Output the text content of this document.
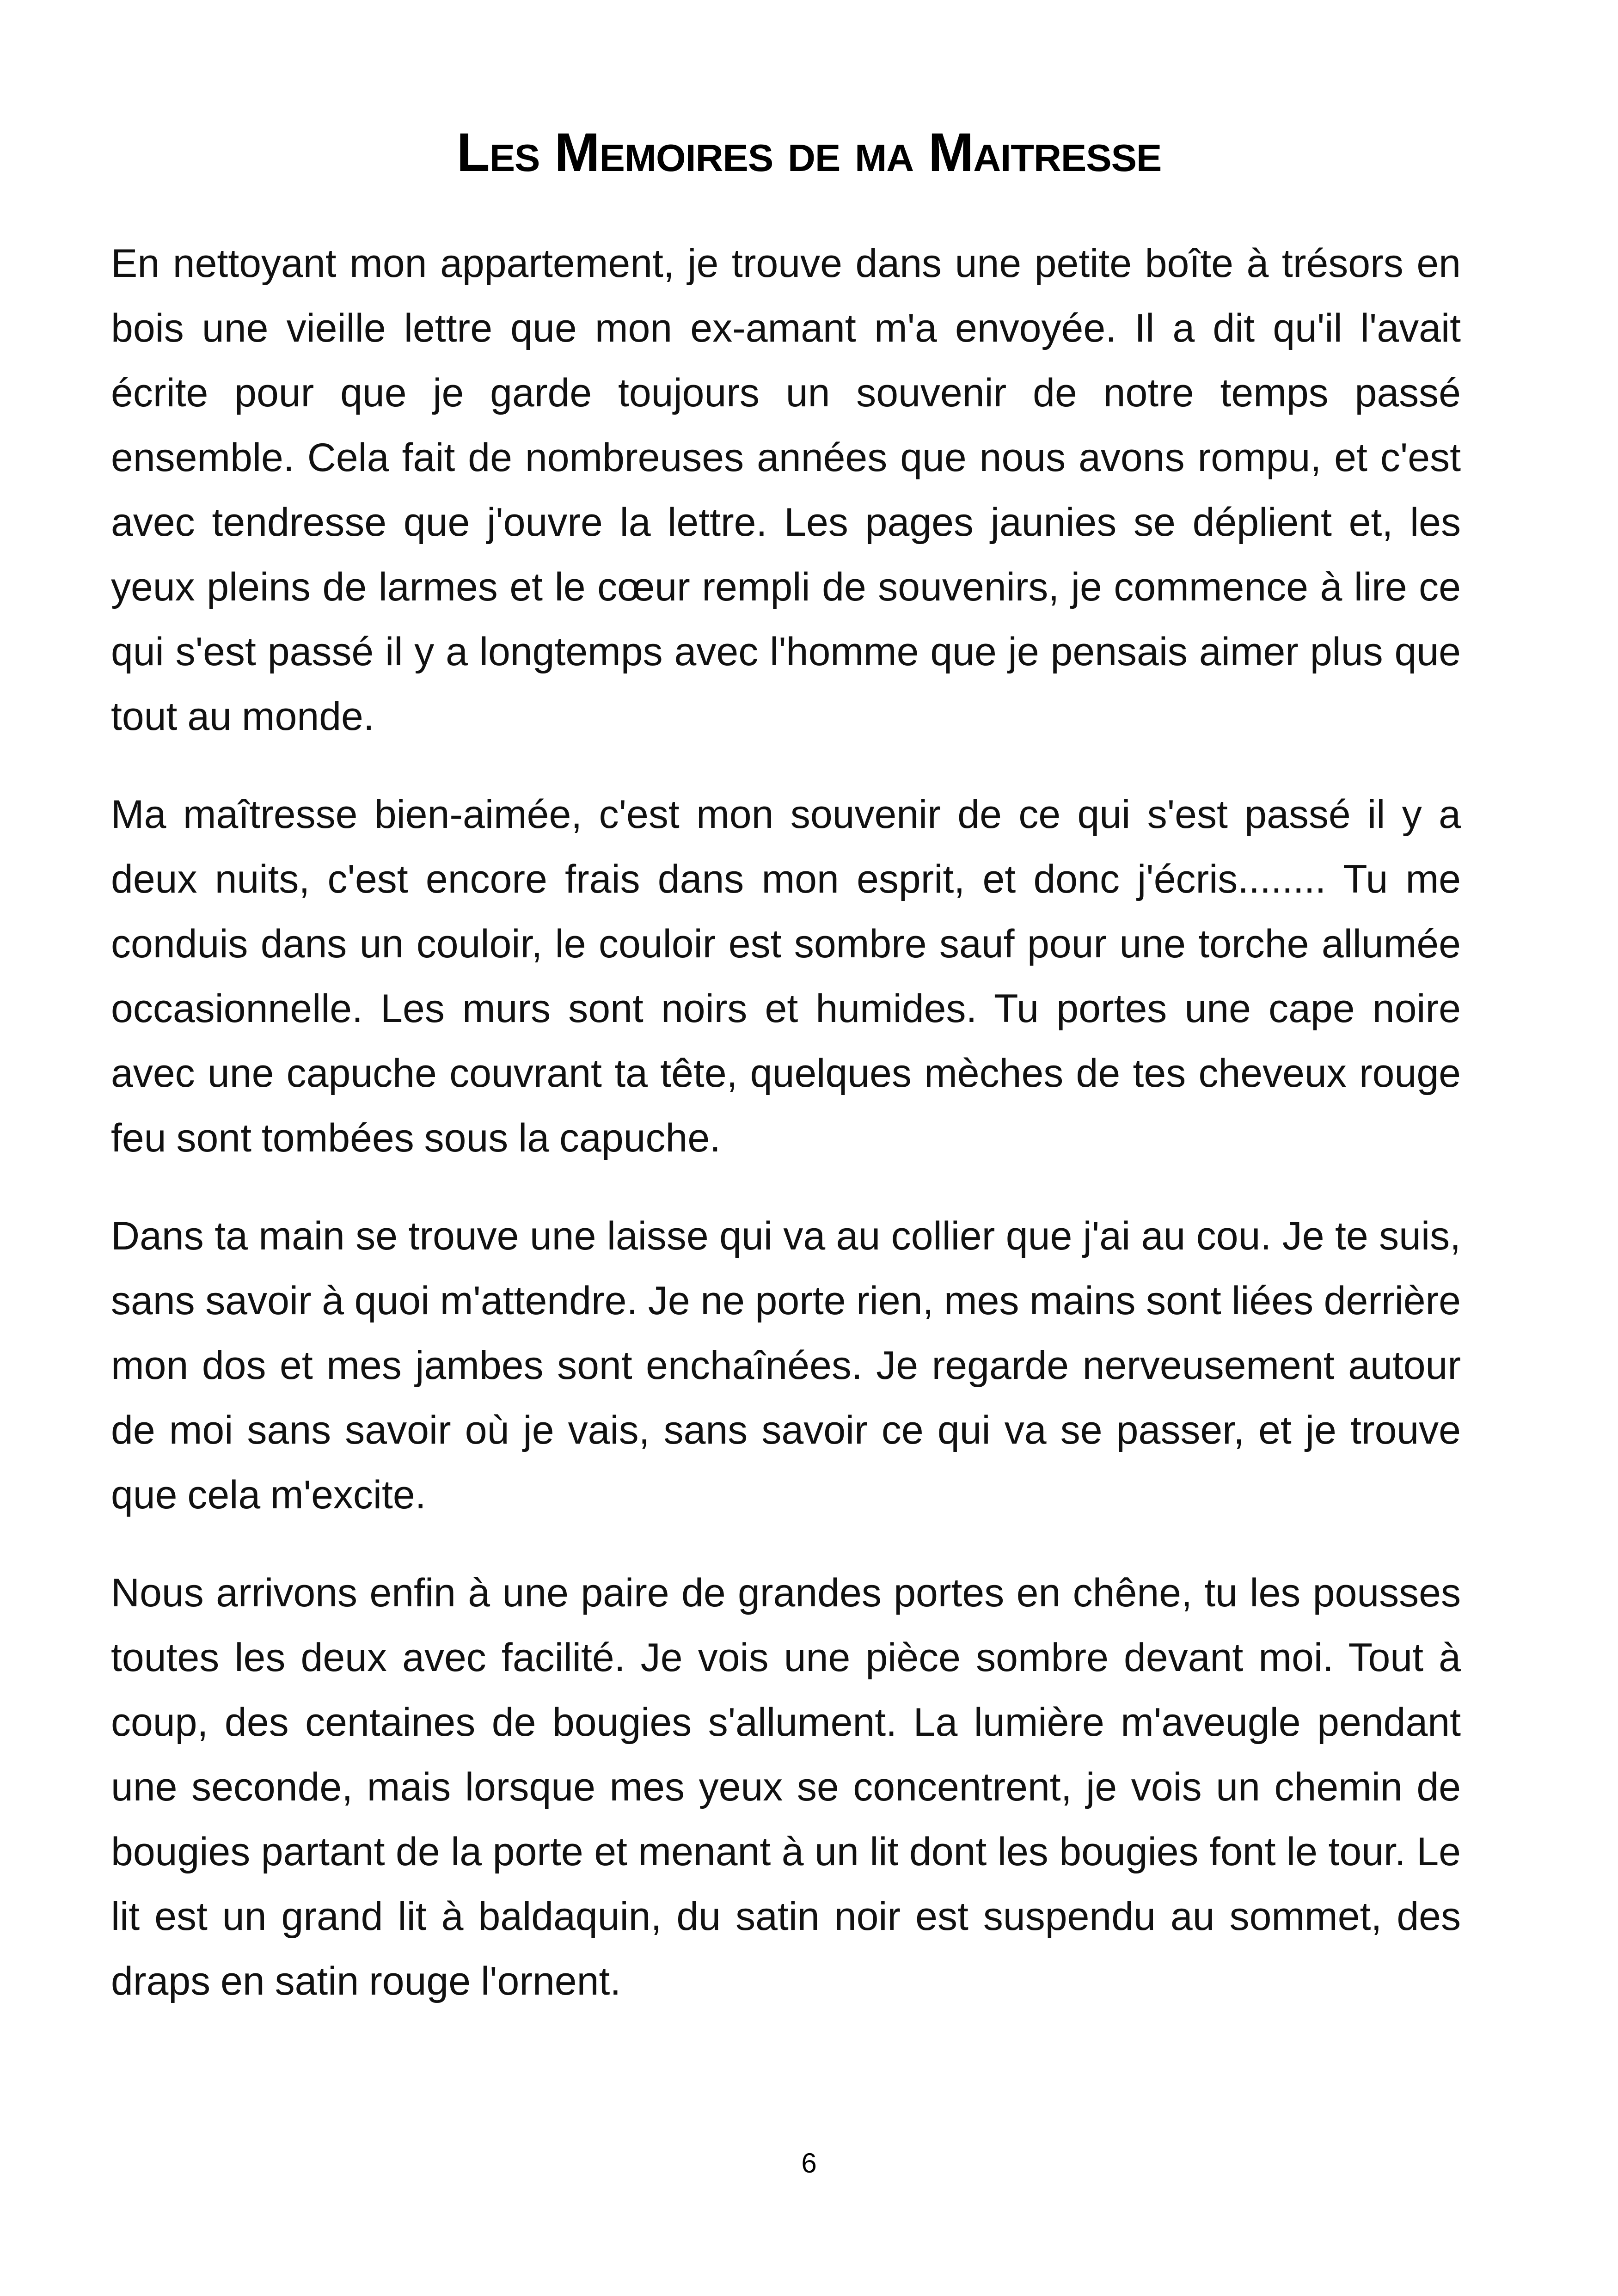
Les Memoires de ma Maitresse

En nettoyant mon appartement, je trouve dans une petite boîte à trésors en bois une vieille lettre que mon ex-amant m'a envoyée. Il a dit qu'il l'avait écrite pour que je garde toujours un souvenir de notre temps passé ensemble. Cela fait de nombreuses années que nous avons rompu, et c'est avec tendresse que j'ouvre la lettre. Les pages jaunies se déplient et, les yeux pleins de larmes et le cœur rempli de souvenirs, je commence à lire ce qui s'est passé il y a longtemps avec l'homme que je pensais aimer plus que tout au monde.

Ma maîtresse bien-aimée, c'est mon souvenir de ce qui s'est passé il y a deux nuits, c'est encore frais dans mon esprit, et donc j'écris........ Tu me conduis dans un couloir, le couloir est sombre sauf pour une torche allumée occasionnelle. Les murs sont noirs et humides. Tu portes une cape noire avec une capuche couvrant ta tête, quelques mèches de tes cheveux rouge feu sont tombées sous la capuche.

Dans ta main se trouve une laisse qui va au collier que j'ai au cou. Je te suis, sans savoir à quoi m'attendre. Je ne porte rien, mes mains sont liées derrière mon dos et mes jambes sont enchaînées. Je regarde nerveusement autour de moi sans savoir où je vais, sans savoir ce qui va se passer, et je trouve que cela m'excite.

Nous arrivons enfin à une paire de grandes portes en chêne, tu les pousses toutes les deux avec facilité. Je vois une pièce sombre devant moi. Tout à coup, des centaines de bougies s'allument. La lumière m'aveugle pendant une seconde, mais lorsque mes yeux se concentrent, je vois un chemin de bougies partant de la porte et menant à un lit dont les bougies font le tour. Le lit est un grand lit à baldaquin, du satin noir est suspendu au sommet, des draps en satin rouge l'ornent.

6
